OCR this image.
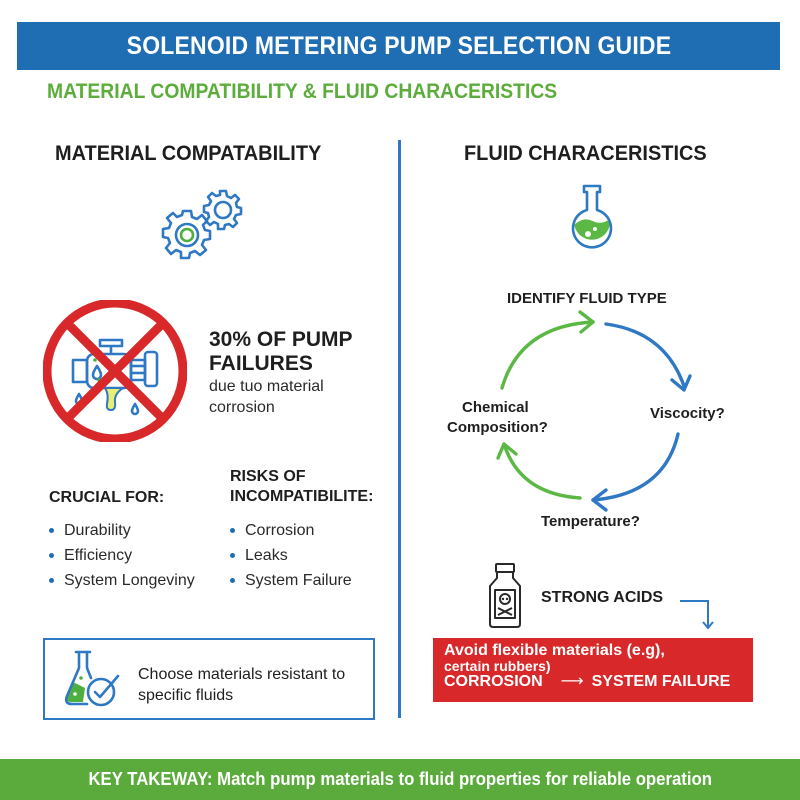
SOLENOID METERING PUMP SELECTION GUIDE
MATERIAL COMPATIBILITY & FLUID CHARACERISTICS
MATERIAL COMPATABILITY
30% OF PUMP
FAILURES
due tuo material
corrosion
CRUCIAL FOR:
Durability
Efficiency
System Longeviny
RISKS OF
INCOMPATIBILITE:
Corrosion
Leaks
System Failure
Choose materials resistant to
specific fluids
FLUID CHARACERISTICS
IDENTIFY FLUID TYPE
Viscocity?
Temperature?
Chemical
Composition?
STRONG ACIDS
Avoid flexible materials (e.g),
certain rubbers)
CORROSION ⟶ SYSTEM FAILURE
KEY TAKEWAY: Match pump materials to fluid properties for reliable operation
